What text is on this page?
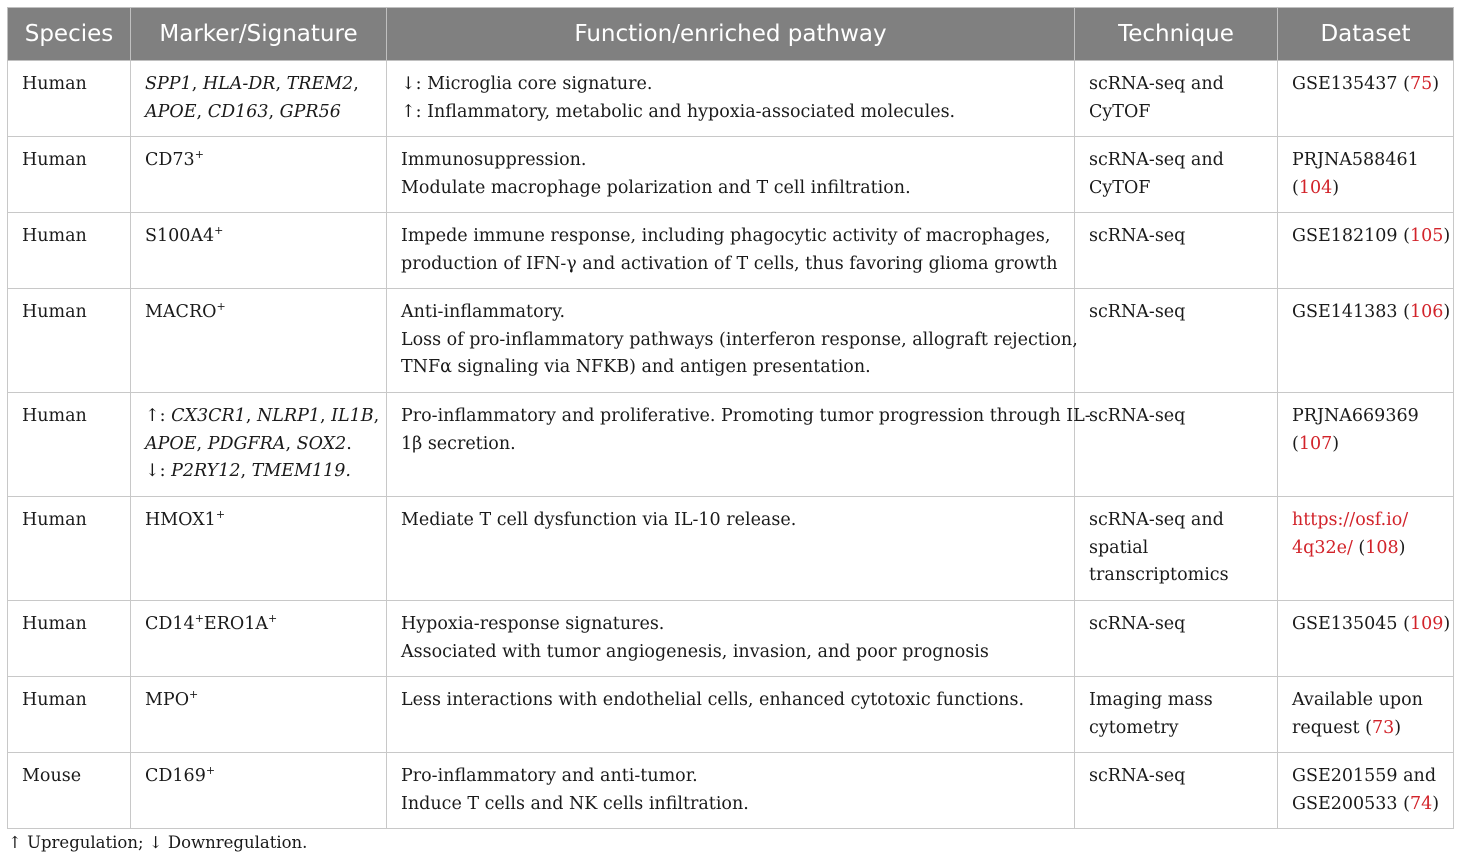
Species	Marker/Signature	Function/enriched pathway	Technique	Dataset

Human	SPP1, HLA-DR, TREM2,
APOE, CD163, GPR56	↓: Microglia core signature.
↑: Inflammatory, metabolic and hypoxia-associated molecules.	scRNA-seq and
CyTOF	GSE135437 (75)

Human	CD73+	Immunosuppression.
Modulate macrophage polarization and T cell infiltration.	scRNA-seq and
CyTOF	PRJNA588461
(104)

Human	S100A4+	Impede immune response, including phagocytic activity of macrophages,
production of IFN-γ and activation of T cells, thus favoring glioma growth	scRNA-seq	GSE182109 (105)

Human	MACRO+	Anti-inflammatory.
Loss of pro-inflammatory pathways (interferon response, allograft rejection,
TNFα signaling via NFKB) and antigen presentation.	scRNA-seq	GSE141383 (106)

Human	↑: CX3CR1, NLRP1, IL1B,
APOE, PDGFRA, SOX2.
↓: P2RY12, TMEM119.	Pro-inflammatory and proliferative. Promoting tumor progression through IL-
1β secretion.	scRNA-seq	PRJNA669369
(107)

Human	HMOX1+	Mediate T cell dysfunction via IL-10 release.	scRNA-seq and
spatial
transcriptomics	https://osf.io/
4q32e/ (108)

Human	CD14+ERO1A+	Hypoxia-response signatures.
Associated with tumor angiogenesis, invasion, and poor prognosis	scRNA-seq	GSE135045 (109)

Human	MPO+	Less interactions with endothelial cells, enhanced cytotoxic functions.	Imaging mass
cytometry	Available upon
request (73)

Mouse	CD169+	Pro-inflammatory and anti-tumor.
Induce T cells and NK cells infiltration.	scRNA-seq	GSE201559 and
GSE200533 (74)
↑ Upregulation; ↓ Downregulation.
